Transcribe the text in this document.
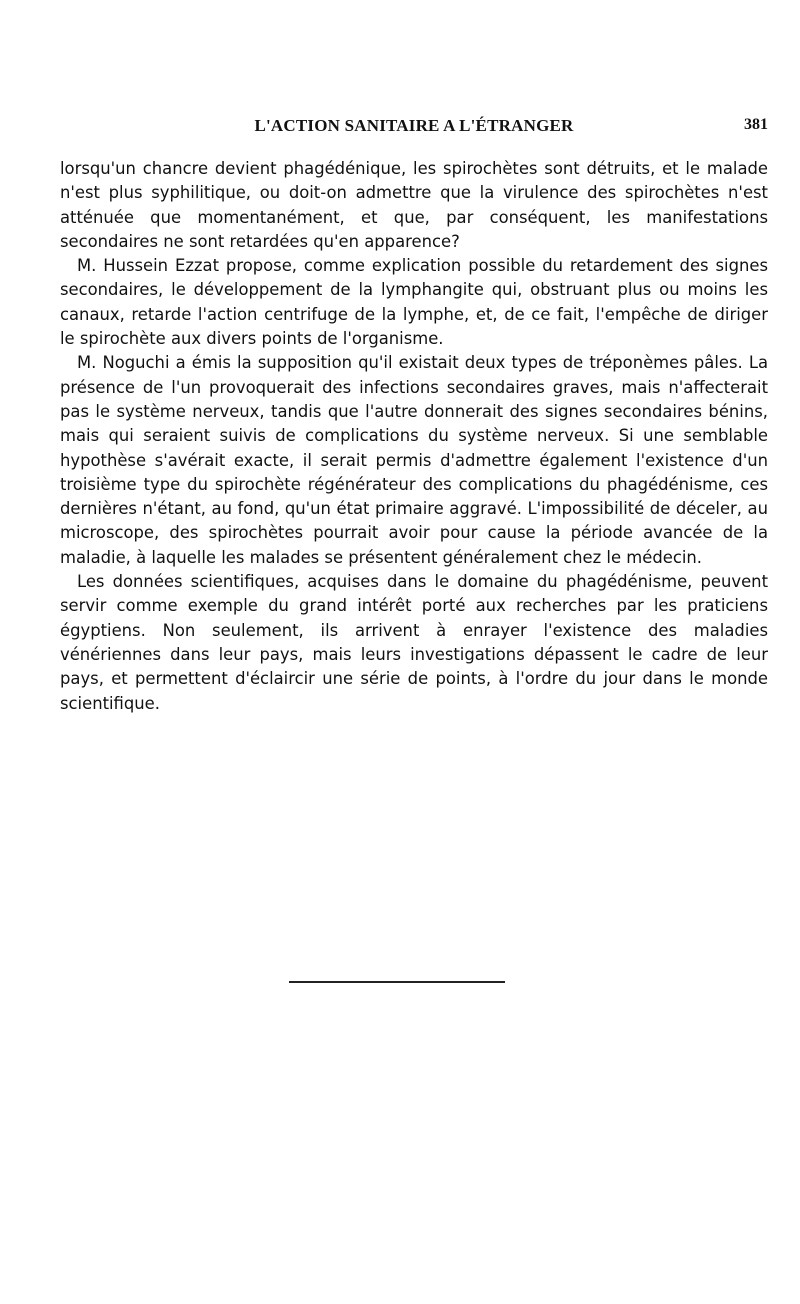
L'ACTION SANITAIRE A L'ÉTRANGER	381

lorsqu'un chancre devient phagédénique, les spirochètes sont détruits, et le malade n'est plus syphilitique, ou doit-on admettre que la virulence des spirochètes n'est atténuée que momentanément, et que, par conséquent, les manifestations secondaires ne sont retardées qu'en apparence?

M. Hussein Ezzat propose, comme explication possible du retardement des signes secondaires, le développement de la lymphangite qui, obstruant plus ou moins les canaux, retarde l'action centrifuge de la lymphe, et, de ce fait, l'empêche de diriger le spirochète aux divers points de l'organisme.

M. Noguchi a émis la supposition qu'il existait deux types de tréponèmes pâles. La présence de l'un provoquerait des infections secondaires graves, mais n'affecterait pas le système nerveux, tandis que l'autre donnerait des signes secondaires bénins, mais qui seraient suivis de complications du système nerveux. Si une semblable hypothèse s'avérait exacte, il serait permis d'admettre également l'existence d'un troisième type du spirochète régénérateur des complications du phagédénisme, ces dernières n'étant, au fond, qu'un état primaire aggravé. L'impossibilité de déceler, au microscope, des spirochètes pourrait avoir pour cause la période avancée de la maladie, à laquelle les malades se présentent généralement chez le médecin.

Les données scientifiques, acquises dans le domaine du phagédénisme, peuvent servir comme exemple du grand intérêt porté aux recherches par les praticiens égyptiens. Non seulement, ils arrivent à enrayer l'existence des maladies vénériennes dans leur pays, mais leurs investigations dépassent le cadre de leur pays, et permettent d'éclaircir une série de points, à l'ordre du jour dans le monde scientifique.
